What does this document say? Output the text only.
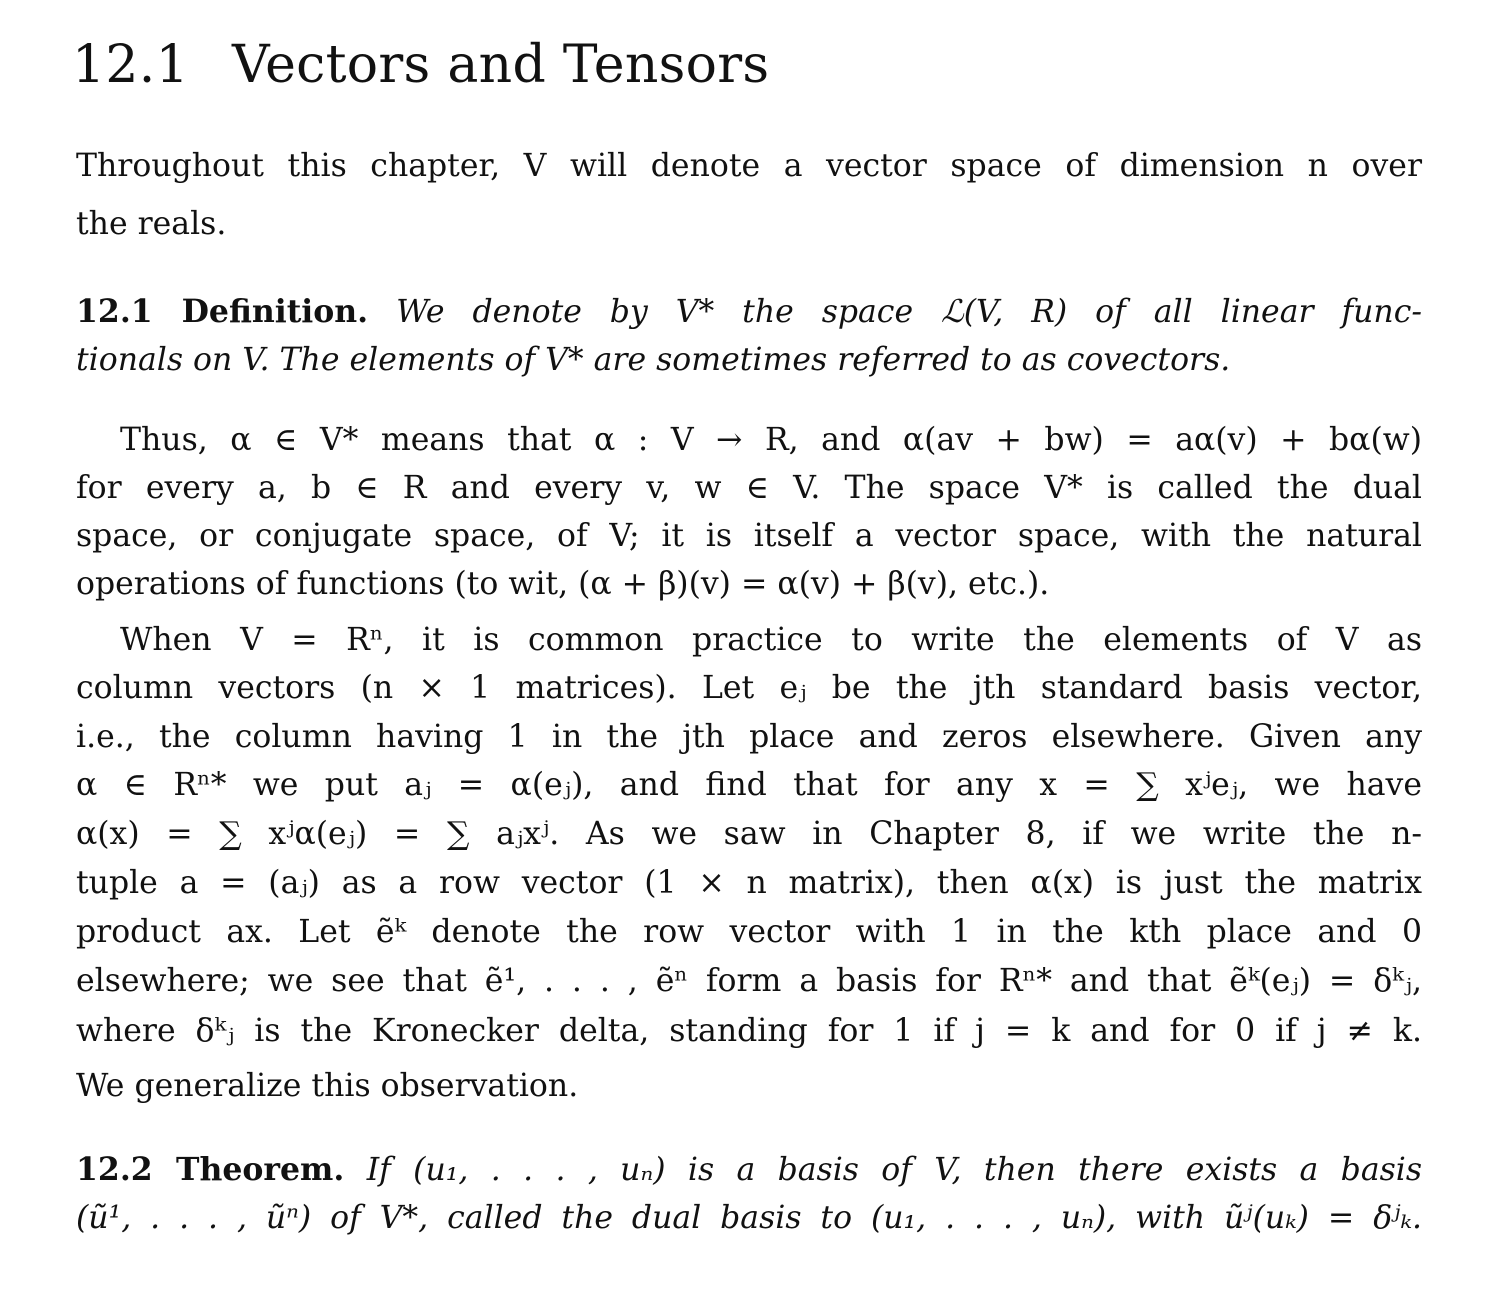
12.1 Vectors and Tensors
Throughout this chapter, V will denote a vector space of dimension n over
the reals.
12.1 Definition. We denote by V* the space ℒ(V, R) of all linear func-
tionals on V. The elements of V* are sometimes referred to as covectors.
Thus, α ∈ V* means that α : V → R, and α(av + bw) = aα(v) + bα(w)
for every a, b ∈ R and every v, w ∈ V. The space V* is called the dual
space, or conjugate space, of V; it is itself a vector space, with the natural
operations of functions (to wit, (α + β)(v) = α(v) + β(v), etc.).
When V = Rⁿ, it is common practice to write the elements of V as
column vectors (n × 1 matrices). Let eⱼ be the jth standard basis vector,
i.e., the column having 1 in the jth place and zeros elsewhere. Given any
α ∈ Rⁿ* we put aⱼ = α(eⱼ), and find that for any x = ∑ xʲeⱼ, we have
α(x) = ∑ xʲα(eⱼ) = ∑ aⱼxʲ. As we saw in Chapter 8, if we write the n-
tuple a = (aⱼ) as a row vector (1 × n matrix), then α(x) is just the matrix
product ax. Let ẽᵏ denote the row vector with 1 in the kth place and 0
elsewhere; we see that ẽ¹, . . . , ẽⁿ form a basis for Rⁿ* and that ẽᵏ(eⱼ) = δᵏⱼ,
where δᵏⱼ is the Kronecker delta, standing for 1 if j = k and for 0 if j ≠ k.
We generalize this observation.
12.2 Theorem. If (u₁, . . . , uₙ) is a basis of V, then there exists a basis
(ũ¹, . . . , ũⁿ) of V*, called the dual basis to (u₁, . . . , uₙ), with ũʲ(uₖ) = δʲₖ.
